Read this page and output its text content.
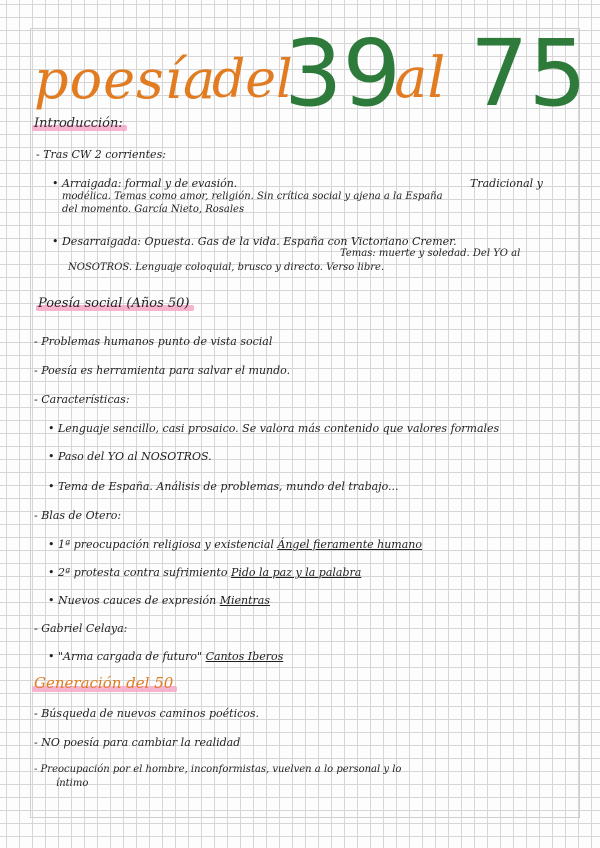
poesía
del
39
al 75
Introducción:
- Tras CW 2 corrientes:
• Arraigada: formal y de evasión.	Tradicional y
modélica. Temas como amor, religión. Sin crítica social y ajena a la España
del momento. García Nieto, Rosales
• Desarraigada: Opuesta. Gas de la vida. España con Victoriano Cremer.
Temas: muerte y soledad. Del YO al
NOSOTROS. Lenguaje coloquial, brusco y directo. Verso libre.
Poesía social (Años 50)
- Problemas humanos punto de vista social
- Poesía es herramienta para salvar el mundo.
- Características:
• Lenguaje sencillo, casi prosaico. Se valora más contenido que valores formales
• Paso del YO al NOSOTROS.
• Tema de España. Análisis de problemas, mundo del trabajo...
- Blas de Otero:
• 1ª preocupación religiosa y existencial Ángel fieramente humano
• 2ª protesta contra sufrimiento Pido la paz y la palabra
• Nuevos cauces de expresión Mientras
- Gabriel Celaya:
• "Arma cargada de futuro" Cantos Iberos
Generación del 50
- Búsqueda de nuevos caminos poéticos.
- NO poesía para cambiar la realidad
- Preocupación por el hombre, inconformistas, vuelven a lo personal y lo
íntimo
